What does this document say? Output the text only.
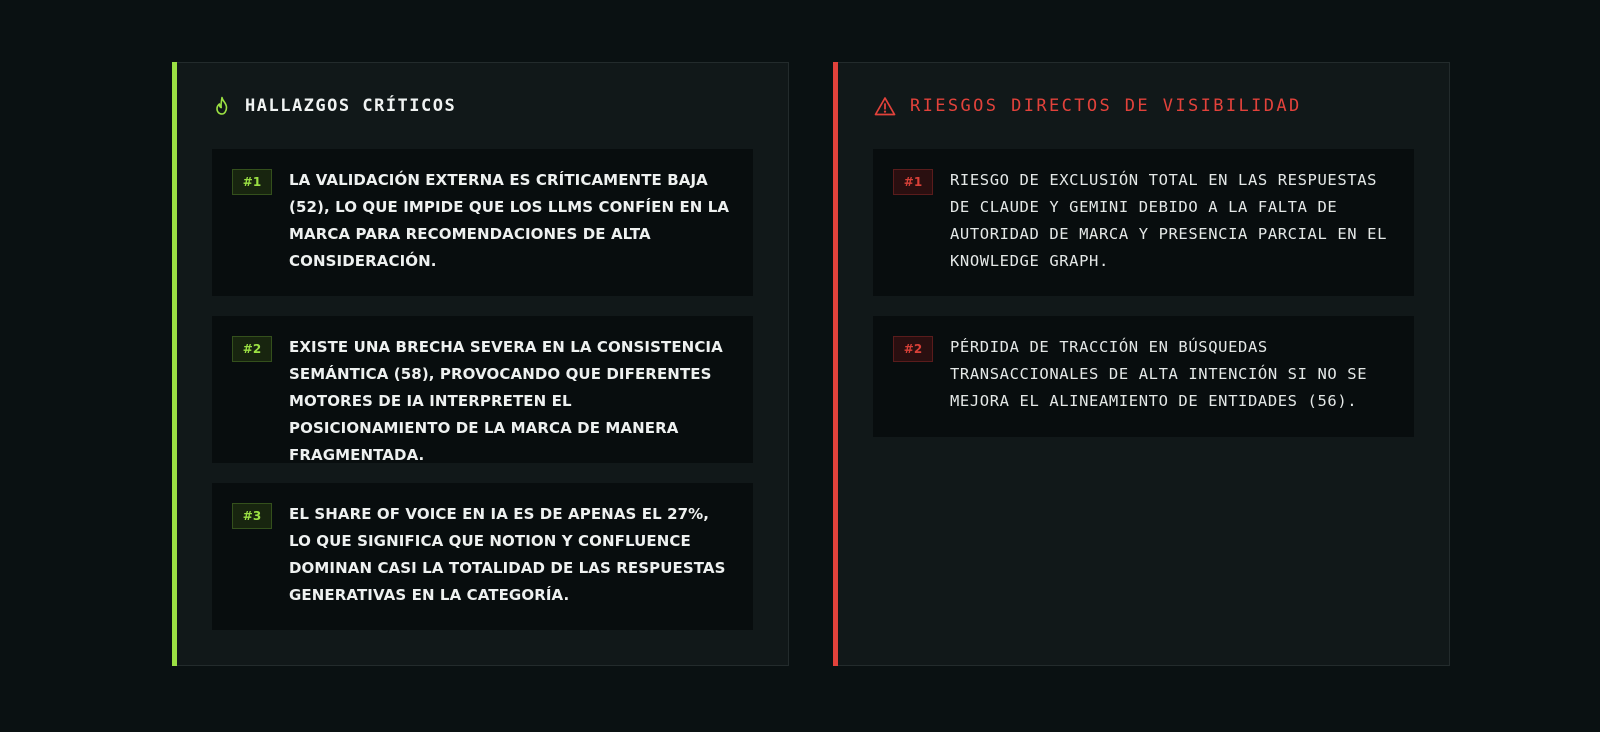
HALLAZGOS CRÍTICOS
#1	LA VALIDACIÓN EXTERNA ES CRÍTICAMENTE BAJA (52), LO QUE IMPIDE QUE LOS LLMS CONFÍEN EN LA MARCA PARA RECOMENDACIONES DE ALTA CONSIDERACIÓN.
#2	EXISTE UNA BRECHA SEVERA EN LA CONSISTENCIA SEMÁNTICA (58), PROVOCANDO QUE DIFERENTES MOTORES DE IA INTERPRETEN EL POSICIONAMIENTO DE LA MARCA DE MANERA FRAGMENTADA.
#3	EL SHARE OF VOICE EN IA ES DE APENAS EL 27%, LO QUE SIGNIFICA QUE NOTION Y CONFLUENCE DOMINAN CASI LA TOTALIDAD DE LAS RESPUESTAS GENERATIVAS EN LA CATEGORÍA.
RIESGOS DIRECTOS DE VISIBILIDAD
#1	RIESGO DE EXCLUSIÓN TOTAL EN LAS RESPUESTAS DE CLAUDE Y GEMINI DEBIDO A LA FALTA DE AUTORIDAD DE MARCA Y PRESENCIA PARCIAL EN EL KNOWLEDGE GRAPH.
#2	PÉRDIDA DE TRACCIÓN EN BÚSQUEDAS TRANSACCIONALES DE ALTA INTENCIÓN SI NO SE MEJORA EL ALINEAMIENTO DE ENTIDADES (56).
